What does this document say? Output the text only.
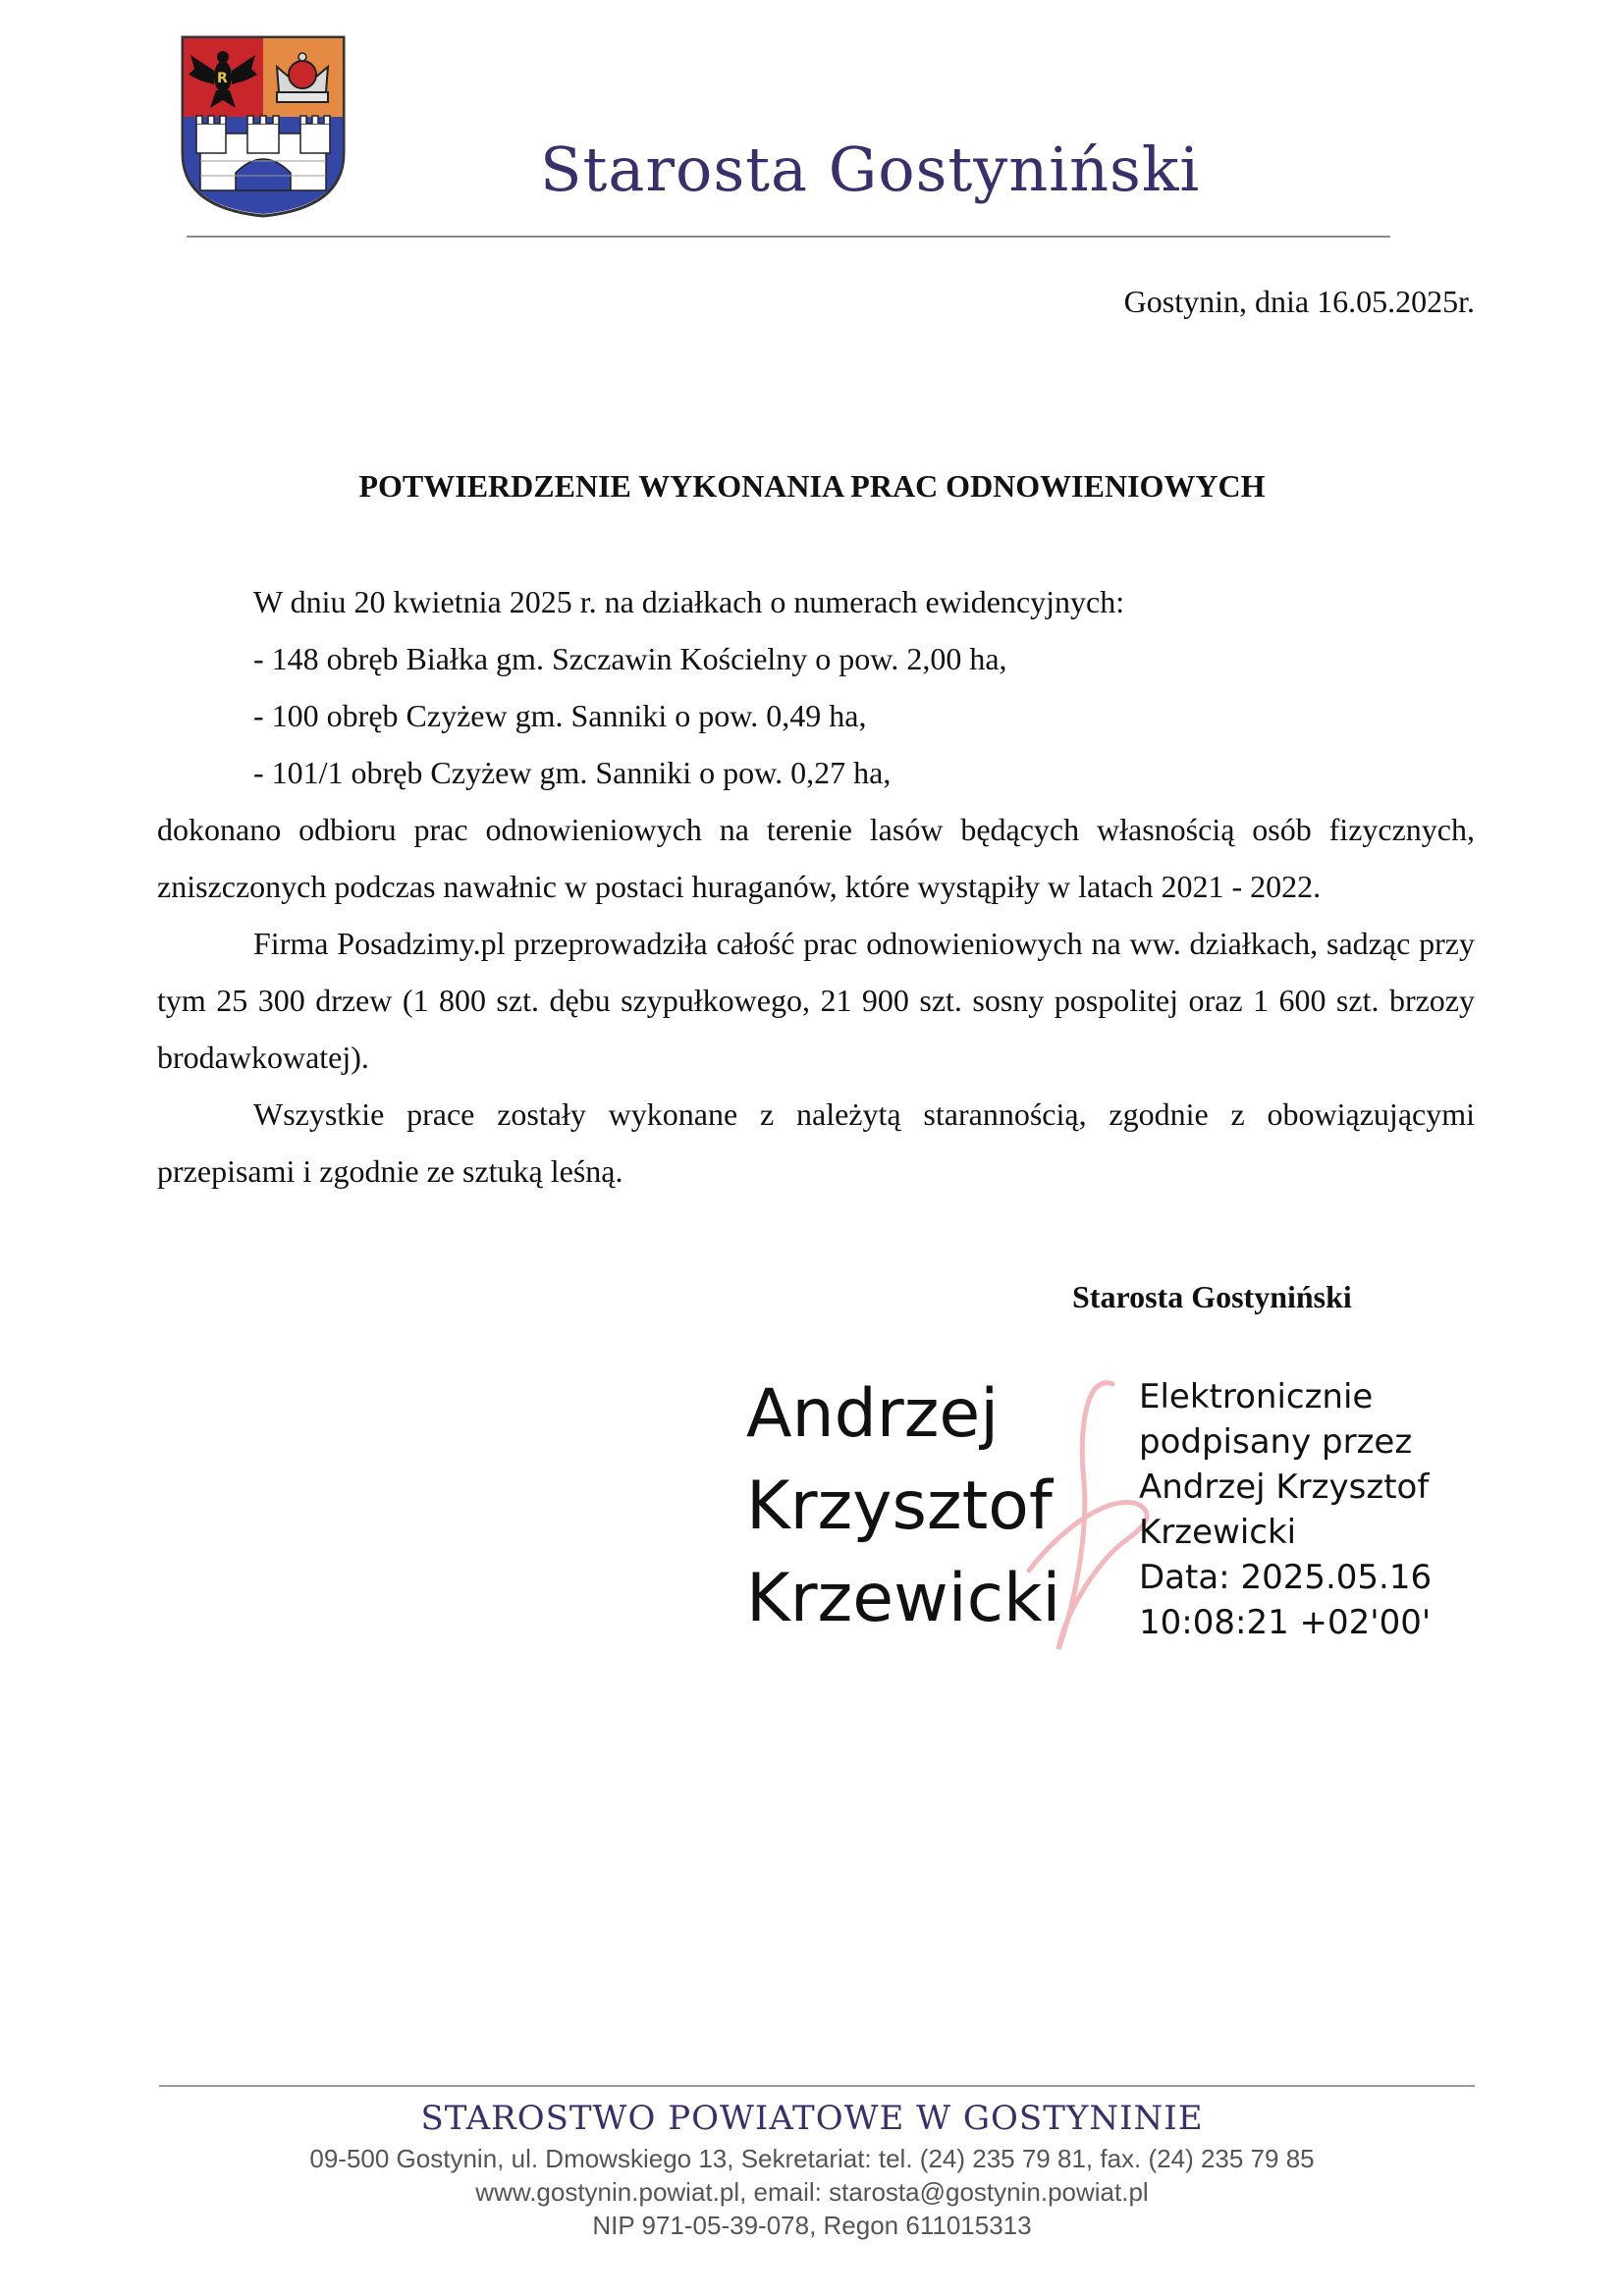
R
Starosta Gostyniński
Gostynin, dnia 16.05.2025r.
POTWIERDZENIE WYKONANIA PRAC ODNOWIENIOWYCH

W dniu 20 kwietnia 2025 r. na działkach o numerach ewidencyjnych:

- 148 obręb Białka gm. Szczawin Kościelny o pow. 2,00 ha,

- 100 obręb Czyżew gm. Sanniki o pow. 0,49 ha,

- 101/1 obręb Czyżew gm. Sanniki o pow. 0,27 ha,

dokonano odbioru prac odnowieniowych na terenie lasów będących własnością osób fizycznych, zniszczonych podczas nawałnic w postaci huraganów, które wystąpiły w latach 2021 - 2022.

Firma Posadzimy.pl przeprowadziła całość prac odnowieniowych na ww. działkach, sadząc przy tym 25 300 drzew (1 800 szt. dębu szypułkowego, 21 900 szt. sosny pospolitej oraz 1 600 szt. brzozy brodawkowatej).

Wszystkie prace zostały wykonane z należytą starannością, zgodnie z obowiązującymi przepisami i zgodnie ze sztuką leśną.

Starosta Gostyniński
Andrzej
Krzysztof
Krzewicki
Elektronicznie
podpisany przez
Andrzej Krzysztof
Krzewicki
Data: 2025.05.16
10:08:21 +02'00'
STAROSTWO POWIATOWE W GOSTYNINIE
09-500 Gostynin, ul. Dmowskiego 13, Sekretariat: tel. (24) 235 79 81, fax. (24) 235 79 85
www.gostynin.powiat.pl, email: starosta@gostynin.powiat.pl
NIP 971-05-39-078, Regon 611015313
